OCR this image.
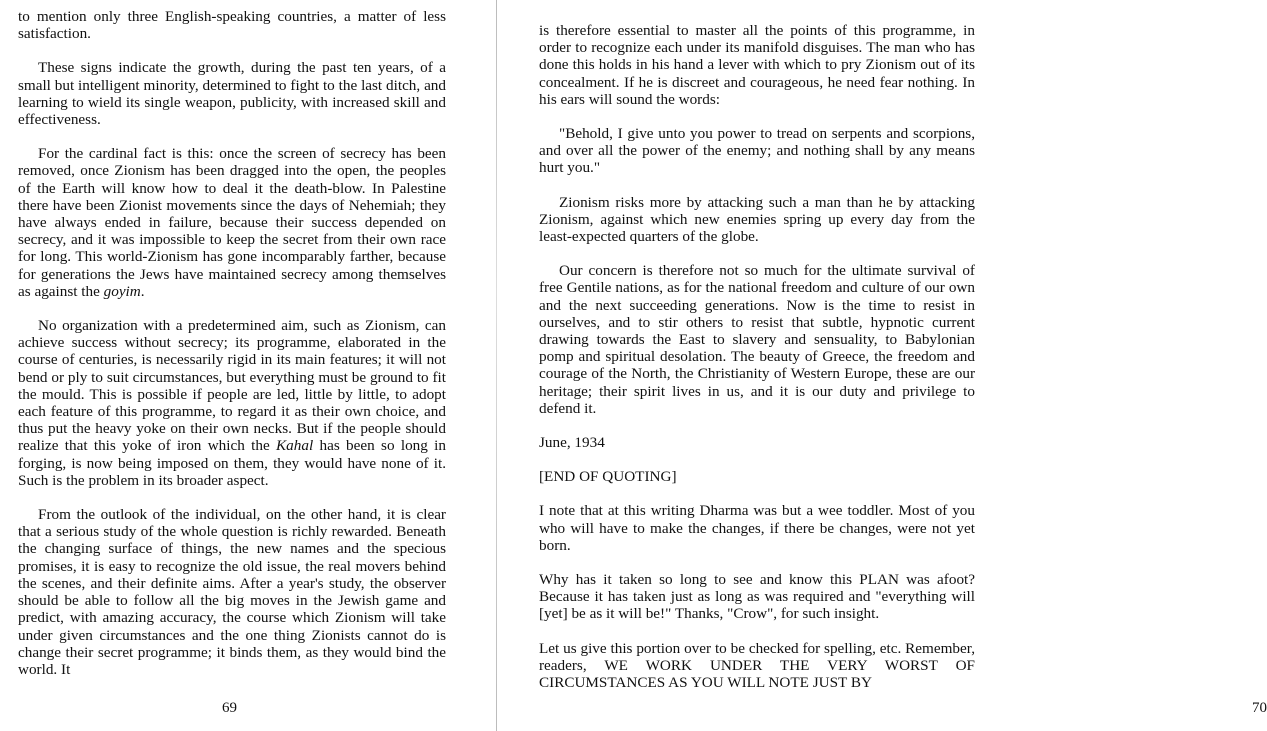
to mention only three English-speaking countries, a matter of less satisfaction.

These signs indicate the growth, during the past ten years, of a small but intelligent minority, determined to fight to the last ditch, and learning to wield its single weapon, publicity, with increased skill and effectiveness.

For the cardinal fact is this: once the screen of secrecy has been removed, once Zionism has been dragged into the open, the peoples of the Earth will know how to deal it the death-blow. In Palestine there have been Zionist movements since the days of Nehemiah; they have always ended in failure, because their success depended on secrecy, and it was impossible to keep the secret from their own race for long. This world-Zionism has gone incomparably farther, because for generations the Jews have maintained secrecy among themselves as against the goyim.

No organization with a predetermined aim, such as Zionism, can achieve success without secrecy; its programme, elaborated in the course of centuries, is necessarily rigid in its main features; it will not bend or ply to suit circumstances, but everything must be ground to fit the mould. This is possible if people are led, little by little, to adopt each feature of this programme, to regard it as their own choice, and thus put the heavy yoke on their own necks. But if the people should realize that this yoke of iron which the Kahal has been so long in forging, is now being imposed on them, they would have none of it. Such is the problem in its broader aspect.

From the outlook of the individual, on the other hand, it is clear that a serious study of the whole question is richly rewarded. Beneath the changing surface of things, the new names and the specious promises, it is easy to recognize the old issue, the real movers behind the scenes, and their definite aims. After a year's study, the observer should be able to follow all the big moves in the Jewish game and predict, with amazing accuracy, the course which Zionism will take under given circumstances and the one thing Zionists cannot do is change their secret programme; it binds them, as they would bind the world. It

69

is therefore essential to master all the points of this programme, in order to recognize each under its manifold disguises. The man who has done this holds in his hand a lever with which to pry Zionism out of its concealment. If he is discreet and courageous, he need fear nothing. In his ears will sound the words:

"Behold, I give unto you power to tread on serpents and scorpions, and over all the power of the enemy; and nothing shall by any means hurt you."

Zionism risks more by attacking such a man than he by attacking Zionism, against which new enemies spring up every day from the least-expected quarters of the globe.

Our concern is therefore not so much for the ultimate survival of free Gentile nations, as for the national freedom and culture of our own and the next succeeding generations. Now is the time to resist in ourselves, and to stir others to resist that subtle, hypnotic current drawing towards the East to slavery and sensuality, to Babylonian pomp and spiritual desolation. The beauty of Greece, the freedom and courage of the North, the Christianity of Western Europe, these are our heritage; their spirit lives in us, and it is our duty and privilege to defend it.

June, 1934

[END OF QUOTING]

I note that at this writing Dharma was but a wee toddler. Most of you who will have to make the changes, if there be changes, were not yet born.

Why has it taken so long to see and know this PLAN was afoot? Because it has taken just as long as was required and "everything will [yet] be as it will be!" Thanks, "Crow", for such insight.

Let us give this portion over to be checked for spelling, etc. Remember, readers, WE WORK UNDER THE VERY WORST OF CIRCUMSTANCES AS YOU WILL NOTE JUST BY

70
